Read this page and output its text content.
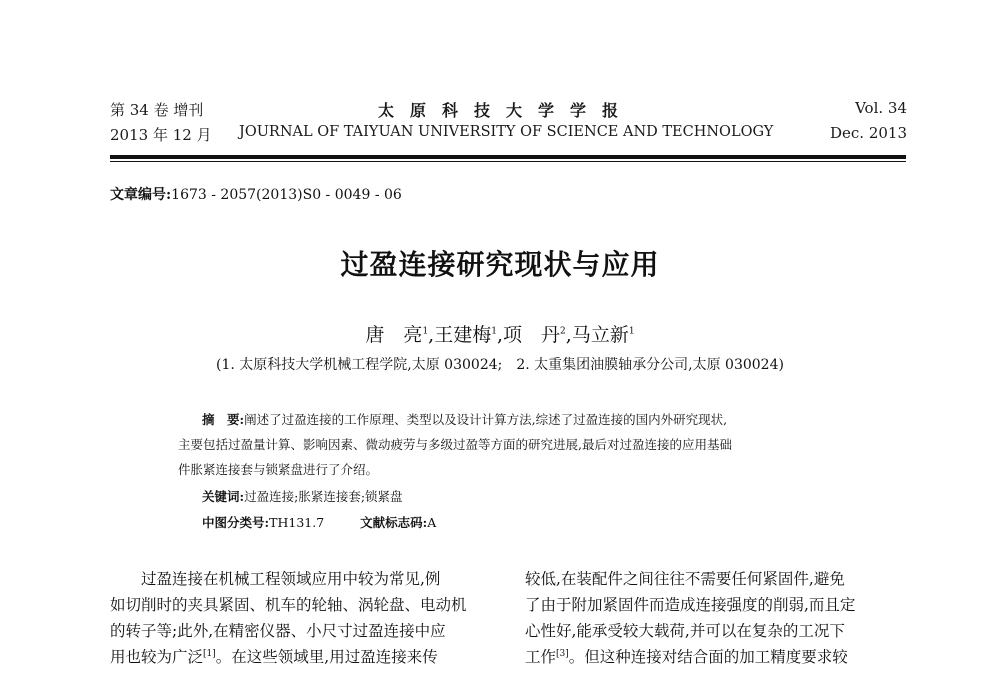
第 34 卷 增刊
2013 年 12 月
太　原　科　技　大　学　学　报
JOURNAL OF TAIYUAN UNIVERSITY OF SCIENCE AND TECHNOLOGY
Vol. 34
Dec. 2013
文章编号:1673 - 2057(2013)S0 - 0049 - 06
过盈连接研究现状与应用
唐　亮$^1$,王建梅$^1$,项　丹$^2$,马立新$^1$
(1. 太原科技大学机械工程学院,太原 030024;　2. 太重集团油膜轴承分公司,太原 030024)
摘　要:阐述了过盈连接的工作原理、类型以及设计计算方法,综述了过盈连接的国内外研究现状,
主要包括过盈量计算、影响因素、微动疲劳与多级过盈等方面的研究进展,最后对过盈连接的应用基础
件胀紧连接套与锁紧盘进行了介绍。
关键词:过盈连接;胀紧连接套;锁紧盘
中图分类号:TH131.7	文献标志码:A
　　过盈连接在机械工程领域应用中较为常见,例
如切削时的夹具紧固、机车的轮轴、涡轮盘、电动机
的转子等;此外,在精密仪器、小尺寸过盈连接中应
用也较为广泛[1]。在这些领域里,用过盈连接来传
较低,在装配件之间往往不需要任何紧固件,避免
了由于附加紧固件而造成连接强度的削弱,而且定
心性好,能承受较大载荷,并可以在复杂的工况下
工作[3]。但这种连接对结合面的加工精度要求较
